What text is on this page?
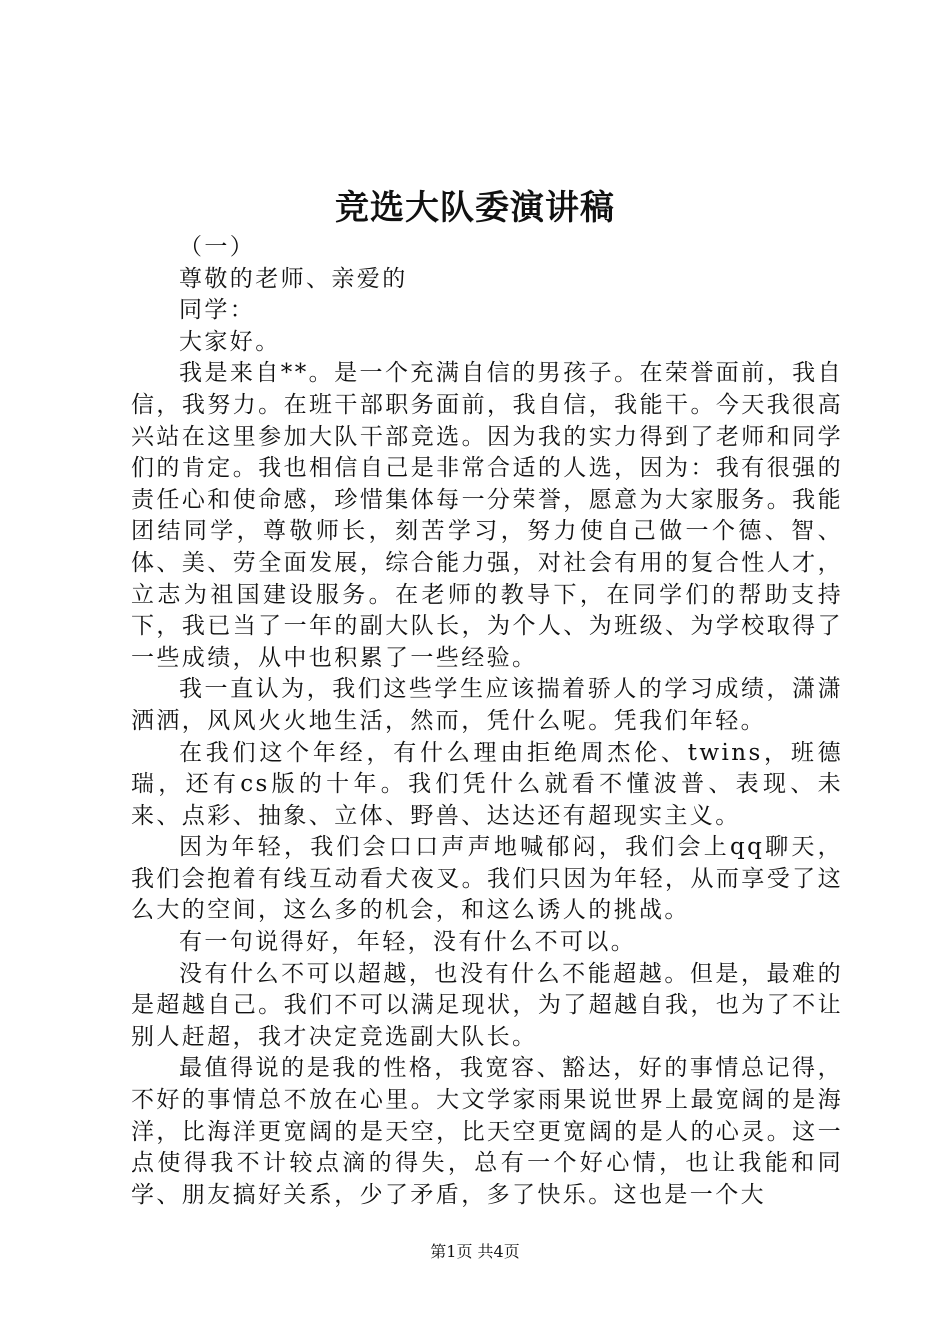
竞选大队委演讲稿

（一）

尊敬的老师、亲爱的

同学：

大家好。

我是来自**。是一个充满自信的男孩子。在荣誉面前，我自信，我努力。在班干部职务面前，我自信，我能干。今天我很高兴站在这里参加大队干部竞选。因为我的实力得到了老师和同学们的肯定。我也相信自己是非常合适的人选，因为：我有很强的责任心和使命感，珍惜集体每一分荣誉，愿意为大家服务。我能团结同学，尊敬师长，刻苦学习，努力使自己做一个德、智、体、美、劳全面发展，综合能力强，对社会有用的复合性人才，立志为祖国建设服务。在老师的教导下，在同学们的帮助支持下，我已当了一年的副大队长，为个人、为班级、为学校取得了一些成绩，从中也积累了一些经验。

我一直认为，我们这些学生应该揣着骄人的学习成绩，潇潇洒洒，风风火火地生活，然而，凭什么呢。凭我们年轻。

在我们这个年经，有什么理由拒绝周杰伦、twins，班德瑞，还有cs版的十年。我们凭什么就看不懂波普、表现、未来、点彩、抽象、立体、野兽、达达还有超现实主义。

因为年轻，我们会口口声声地喊郁闷，我们会上qq聊天，我们会抱着有线互动看犬夜叉。我们只因为年轻，从而享受了这么大的空间，这么多的机会，和这么诱人的挑战。

有一句说得好，年轻，没有什么不可以。

没有什么不可以超越，也没有什么不能超越。但是，最难的是超越自己。我们不可以满足现状，为了超越自我，也为了不让别人赶超，我才决定竞选副大队长。

最值得说的是我的性格，我宽容、豁达，好的事情总记得，不好的事情总不放在心里。大文学家雨果说世界上最宽阔的是海洋，比海洋更宽阔的是天空，比天空更宽阔的是人的心灵。这一点使得我不计较点滴的得失，总有一个好心情，也让我能和同学、朋友搞好关系，少了矛盾，多了快乐。这也是一个大

第1页 共4页
